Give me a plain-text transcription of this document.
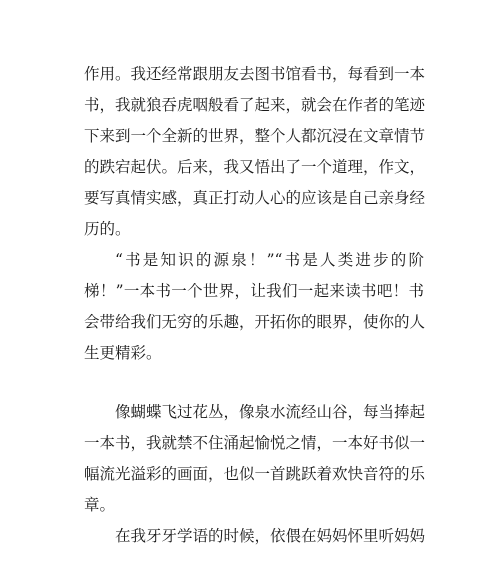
作用。我还经常跟朋友去图书馆看书，每看到一本
书，我就狼吞虎咽般看了起来，就会在作者的笔迹
下来到一个全新的世界，整个人都沉浸在文章情节
的跌宕起伏。后来，我又悟出了一个道理，作文，
要写真情实感，真正打动人心的应该是自己亲身经
历的。
“书是知识的源泉！”“书是人类进步的阶
梯！”一本书一个世界，让我们一起来读书吧！书
会带给我们无穷的乐趣，开拓你的眼界，使你的人
生更精彩。
像蝴蝶飞过花丛，像泉水流经山谷，每当捧起
一本书，我就禁不住涌起愉悦之情，一本好书似一
幅流光溢彩的画面，也似一首跳跃着欢快音符的乐
章。
在我牙牙学语的时候，依偎在妈妈怀里听妈妈
